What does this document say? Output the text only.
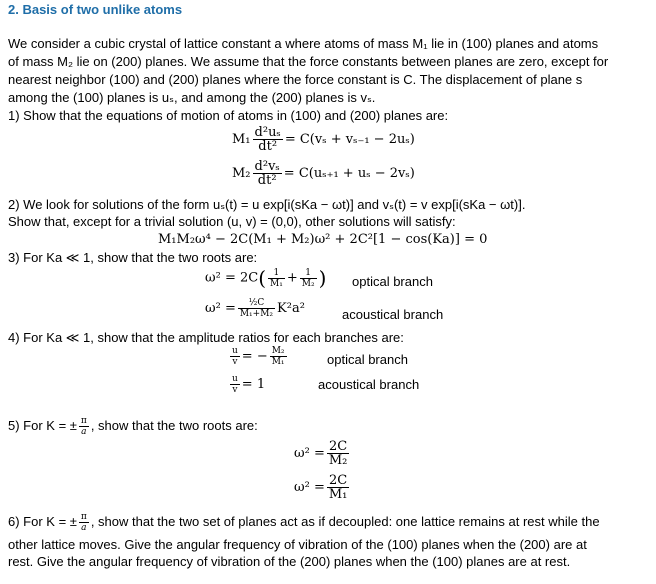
2. Basis of two unlike atoms
We consider a cubic crystal of lattice constant a where atoms of mass M₁ lie in (100) planes and atoms
of mass M₂ lie on (200) planes. We assume that the force constants between planes are zero, except for
nearest neighbor (100) and (200) planes where the force constant is C. The displacement of plane s
among the (100) planes is uₛ, and among the (200) planes is vₛ.
1) Show that the equations of motion of atoms in (100) and (200) planes are:
$M_1 \frac{\text{d²uₛ}}{\text{dt²}} = C(v_s + v_{s-1} - 2u_s)$
$M_2 \frac{\text{d²vₛ}}{\text{dt²}} = C(u_{s+1} + u_s - 2v_s)$
2) We look for solutions of the form uₛ(t) = u exp[i(sKa − ωt)] and vₛ(t) = v exp[i(sKa − ωt)].
Show that, except for a trivial solution (u, v) = (0,0), other solutions will satisfy:
M₁M₂ω⁴ − 2C(M₁ + M₂)ω² + 2C²[1 − cos(Ka)] = 0
3) For Ka ≪ 1, show that the two roots are:
$\omega^2 = 2C( \frac{1}{\text{M₁}} + \frac{1}{\text{M₂}}$ ) optical branch
$\omega^2 = \frac{\text{½C}}{\text{M₁+M₂}} K^2a^2$	acoustical branch
4) For Ka ≪ 1, show that the amplitude ratios for each branches are:
$\frac{u}{v}$ = − $\frac{\text{M₂}}{\text{M₁}}$	optical branch
$\frac{u}{v} = 1$	acoustical branch
5) For K = ± $\frac{\pi}{a}$ , show that the two roots are:
$\omega^2 = \frac{2C}{\text{M₂}}$
$\omega^2 = \frac{2C}{\text{M₁}}$
6) For K = ± $\frac{\pi}{a}$ , show that the two set of planes act as if decoupled: one lattice remains at rest while the
other lattice moves. Give the angular frequency of vibration of the (100) planes when the (200) are at
rest. Give the angular frequency of vibration of the (200) planes when the (100) planes are at rest.
